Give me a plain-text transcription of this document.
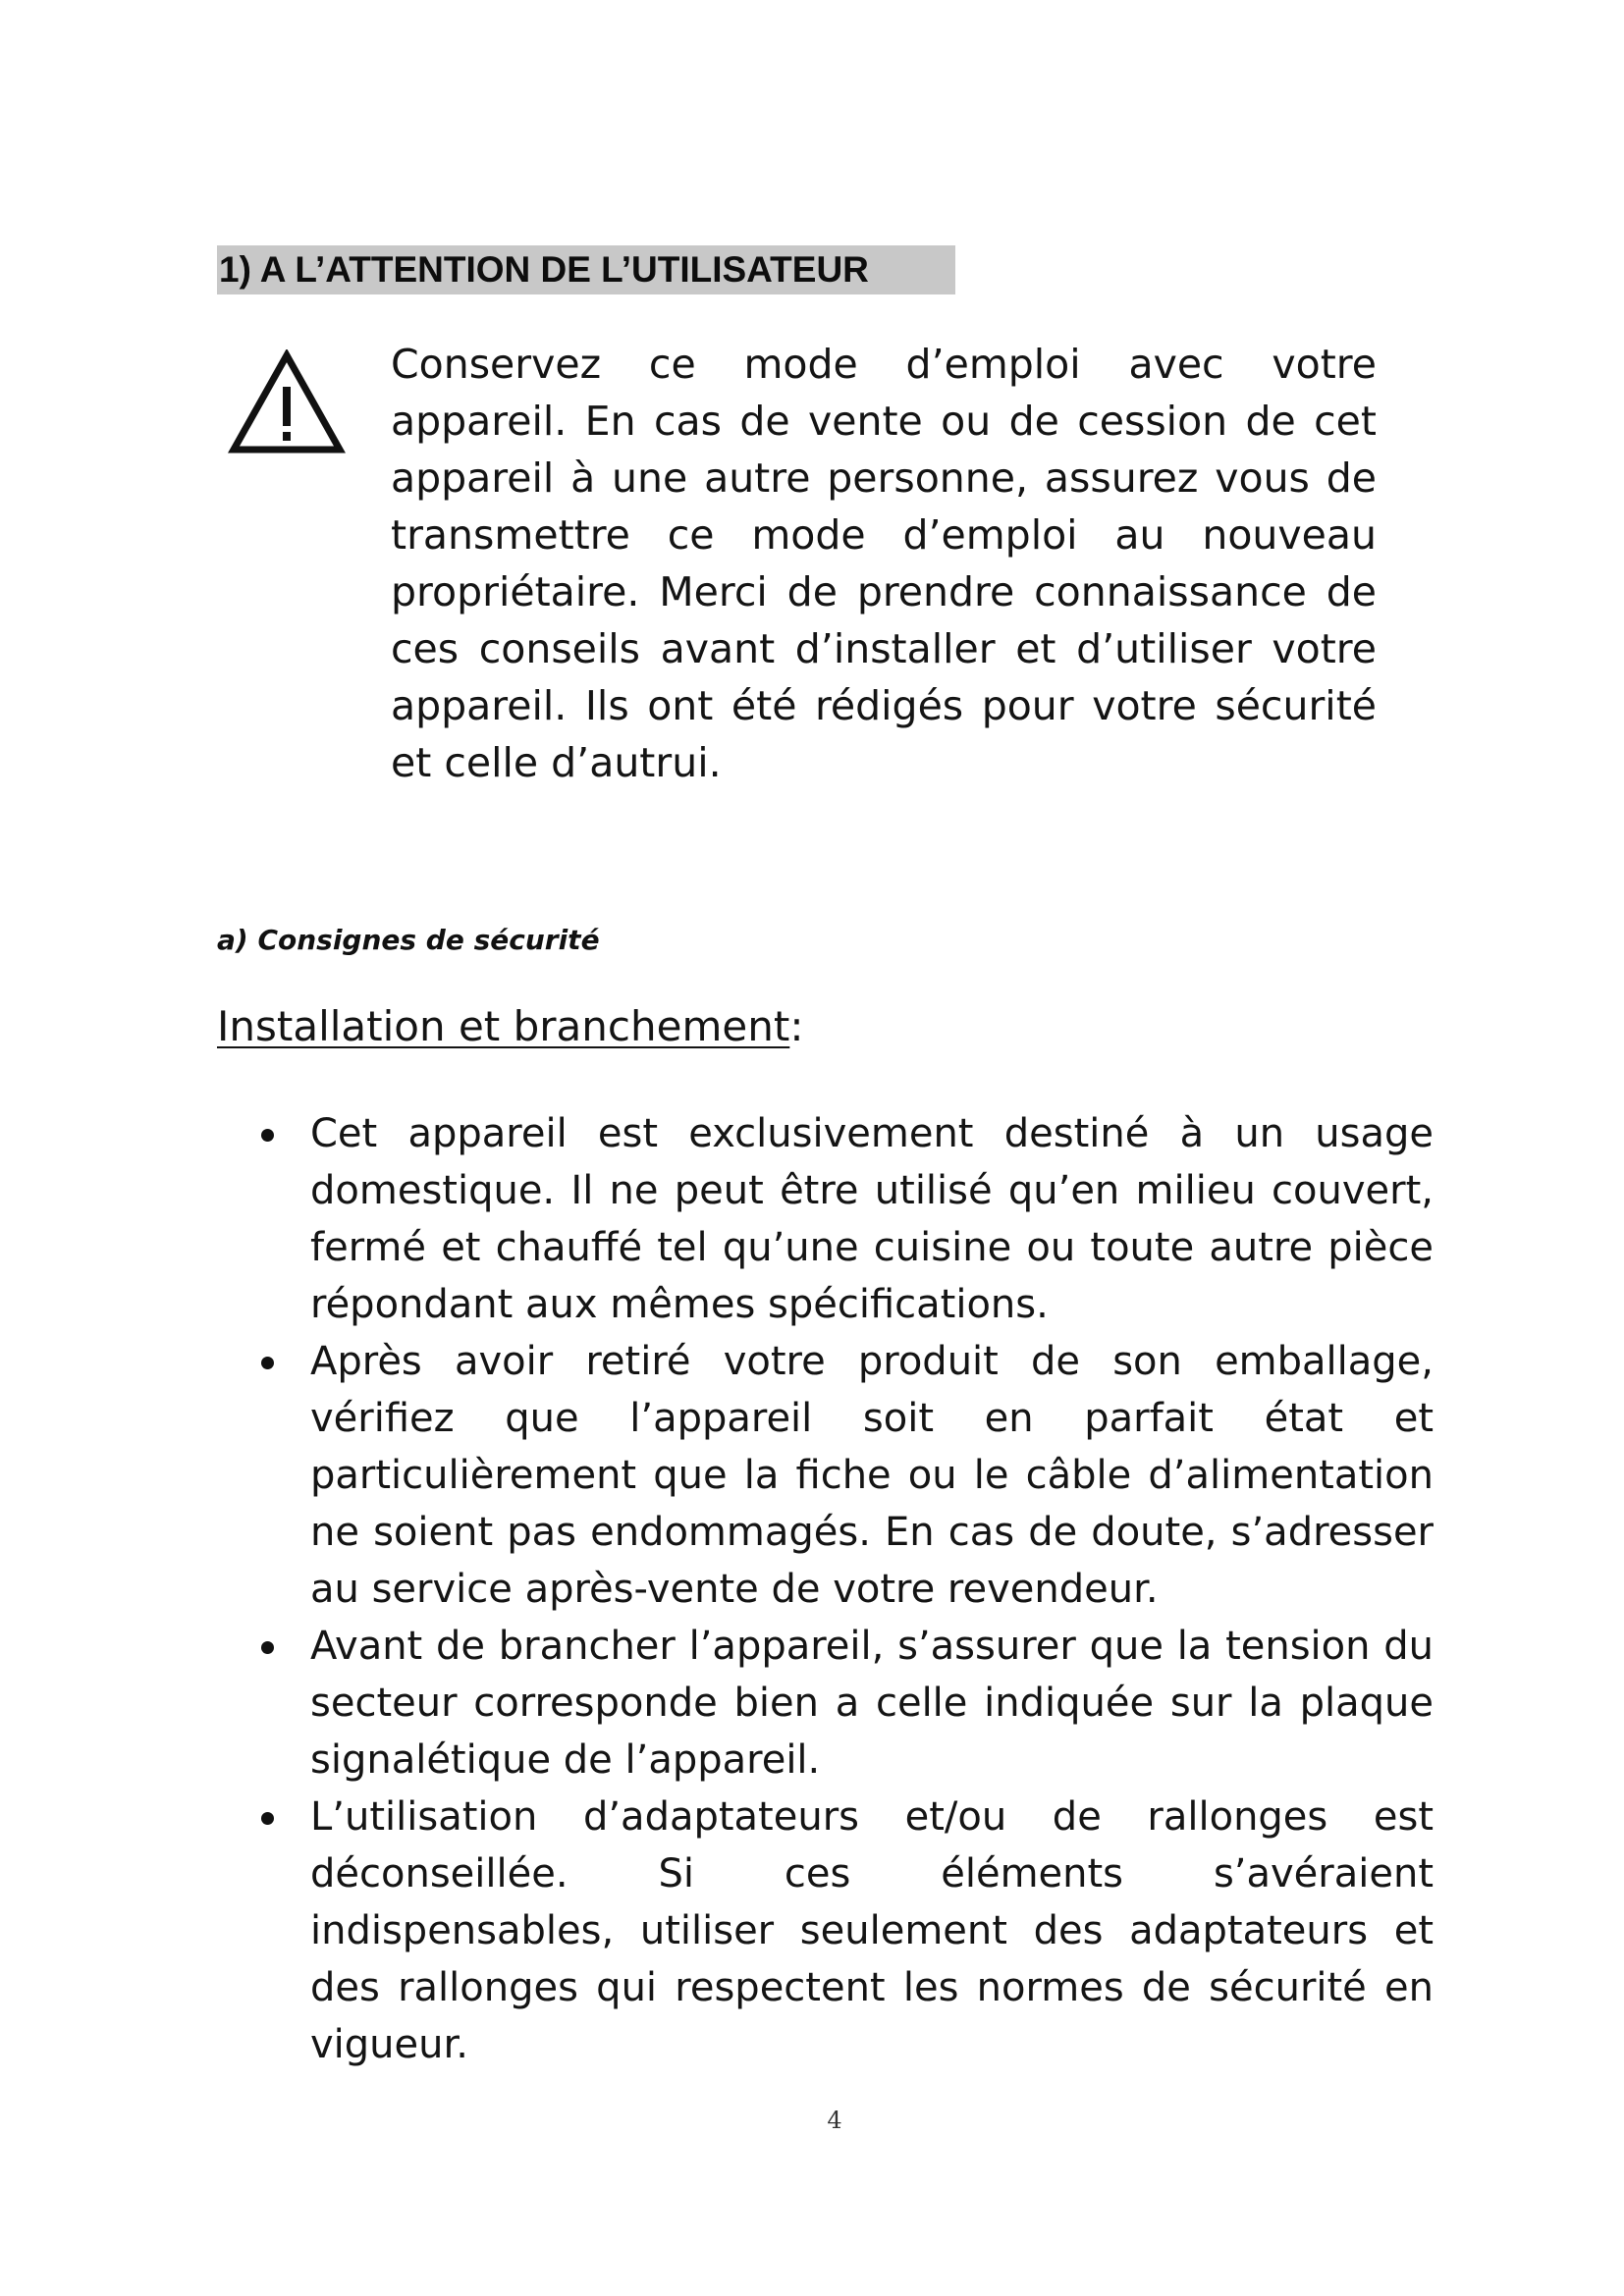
1) A L’ATTENTION DE L’UTILISATEUR
Conservez ce mode d’emploi avec votre appareil. En cas de vente ou de cession de cet appareil à une autre personne, assurez vous de transmettre ce mode d’emploi au nouveau propriétaire. Merci de prendre connaissance de ces conseils avant d’installer et d’utiliser votre appareil. Ils ont été rédigés pour votre sécurité et celle d’autrui.
a) Consignes de sécurité
Installation et branchement:
Cet appareil est exclusivement destiné à un usage domestique. Il ne peut être utilisé qu’en milieu couvert, fermé et chauffé tel qu’une cuisine ou toute autre pièce répondant aux mêmes spécifications.
Après avoir retiré votre produit de son emballage, vérifiez que l’appareil soit en parfait état et particulièrement que la fiche ou le câble d’alimentation ne soient pas endommagés. En cas de doute, s’adresser au service après-vente de votre revendeur.
Avant de brancher l’appareil, s’assurer que la tension du secteur corresponde bien a celle indiquée sur la plaque signalétique de l’appareil.
L’utilisation d’adaptateurs et/ou de rallonges est déconseillée. Si ces éléments s’avéraient indispensables, utiliser seulement des adaptateurs et des rallonges qui respectent les normes de sécurité en vigueur.
4
